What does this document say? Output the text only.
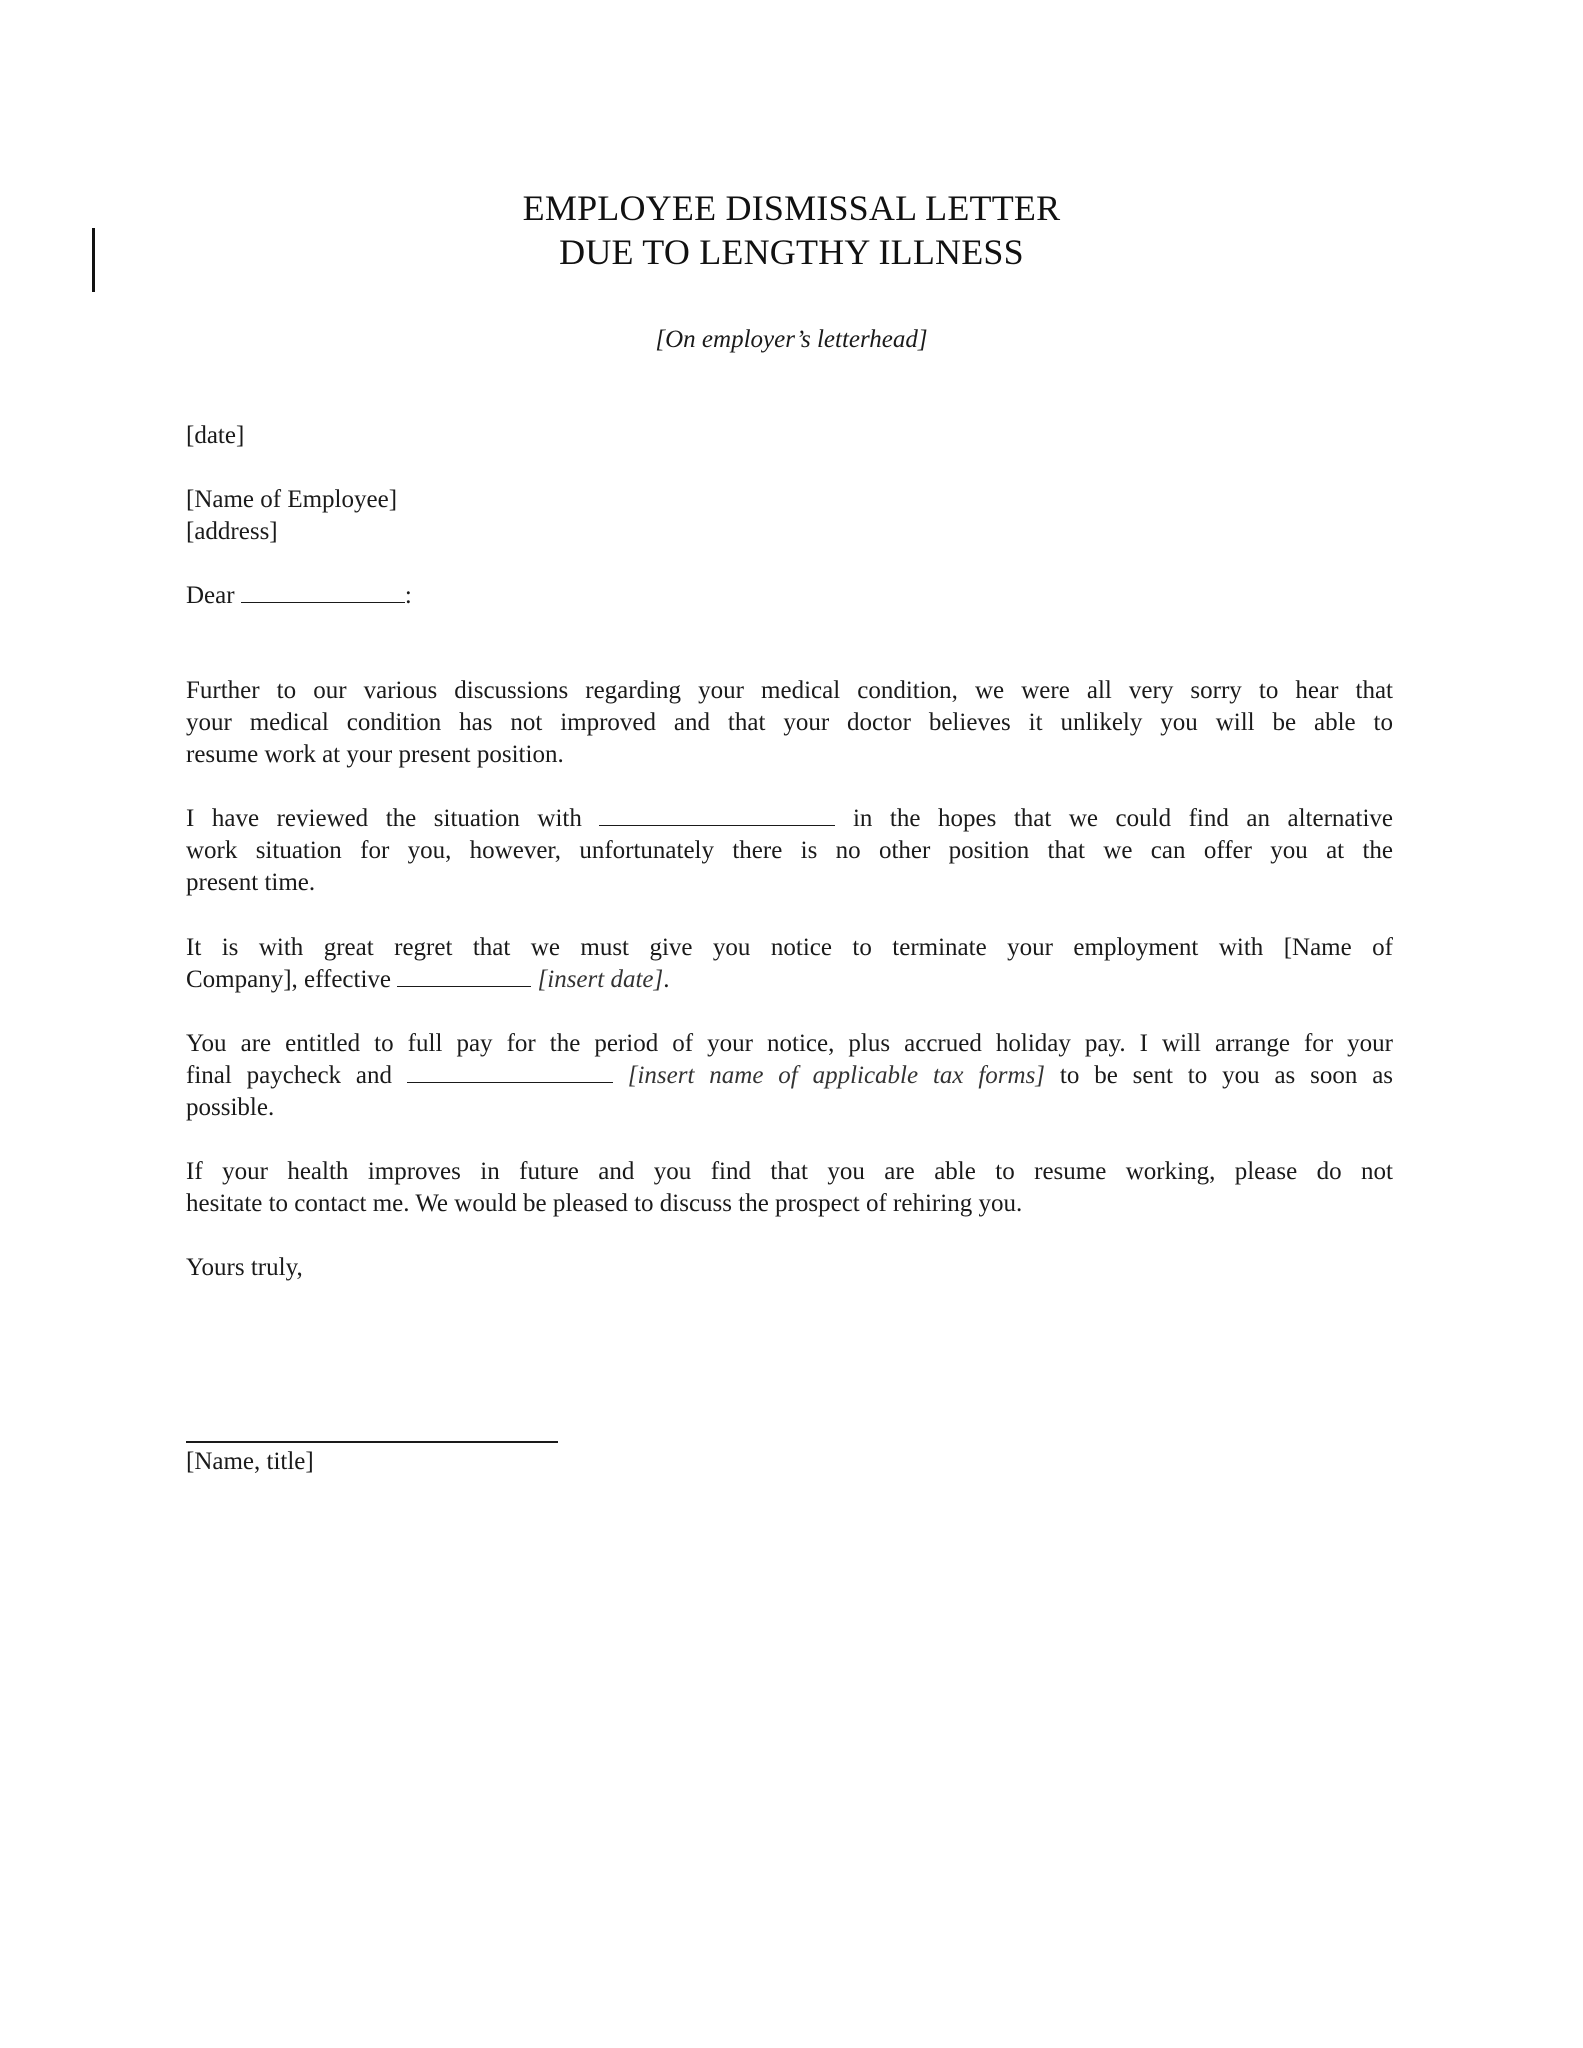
EMPLOYEE DISMISSAL LETTER
DUE TO LENGTHY ILLNESS
[On employer’s letterhead]
[date]
[Name of Employee]
[address]
Dear	:
Further to our various discussions regarding your medical condition, we were all very sorry to hear that
your medical condition has not improved and that your doctor believes it unlikely you will be able to
resume work at your present position.
I have reviewed the situation with	in the hopes that we could find an alternative
work situation for you, however, unfortunately there is no other position that we can offer you at the
present time.
It is with great regret that we must give you notice to terminate your employment with [Name of
Company], effective	[insert date].
You are entitled to full pay for the period of your notice, plus accrued holiday pay. I will arrange for your
final paycheck and	[insert name of applicable tax forms] to be sent to you as soon as
possible.
If your health improves in future and you find that you are able to resume working, please do not
hesitate to contact me. We would be pleased to discuss the prospect of rehiring you.
Yours truly,
[Name, title]
